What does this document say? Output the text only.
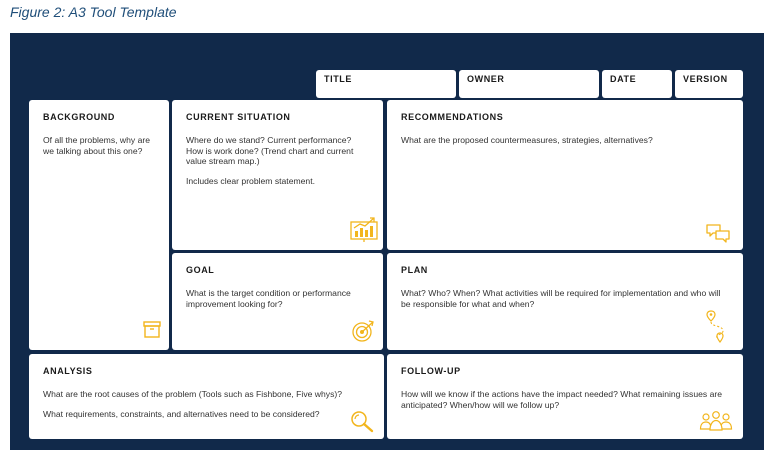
Figure 2: A3 Tool Template
TITLE	OWNER	DATE	VERSION
BACKGROUND

Of all the problems, why are we talking about this one?

CURRENT SITUATION

Where do we stand? Current performance? How is work done? (Trend chart and current value stream map.)

Includes clear problem statement.

RECOMMENDATIONS

What are the proposed countermeasures, strategies, alternatives?

GOAL

What is the target condition or performance improvement looking for?

PLAN

What? Who? When? What activities will be required for implementation and who will be responsible for what and when?

ANALYSIS

What are the root causes of the problem (Tools such as Fishbone, Five whys)?

What requirements, constraints, and alternatives need to be considered?

FOLLOW-UP

How will we know if the actions have the impact needed? What remaining issues are anticipated? When/how will we follow up?
